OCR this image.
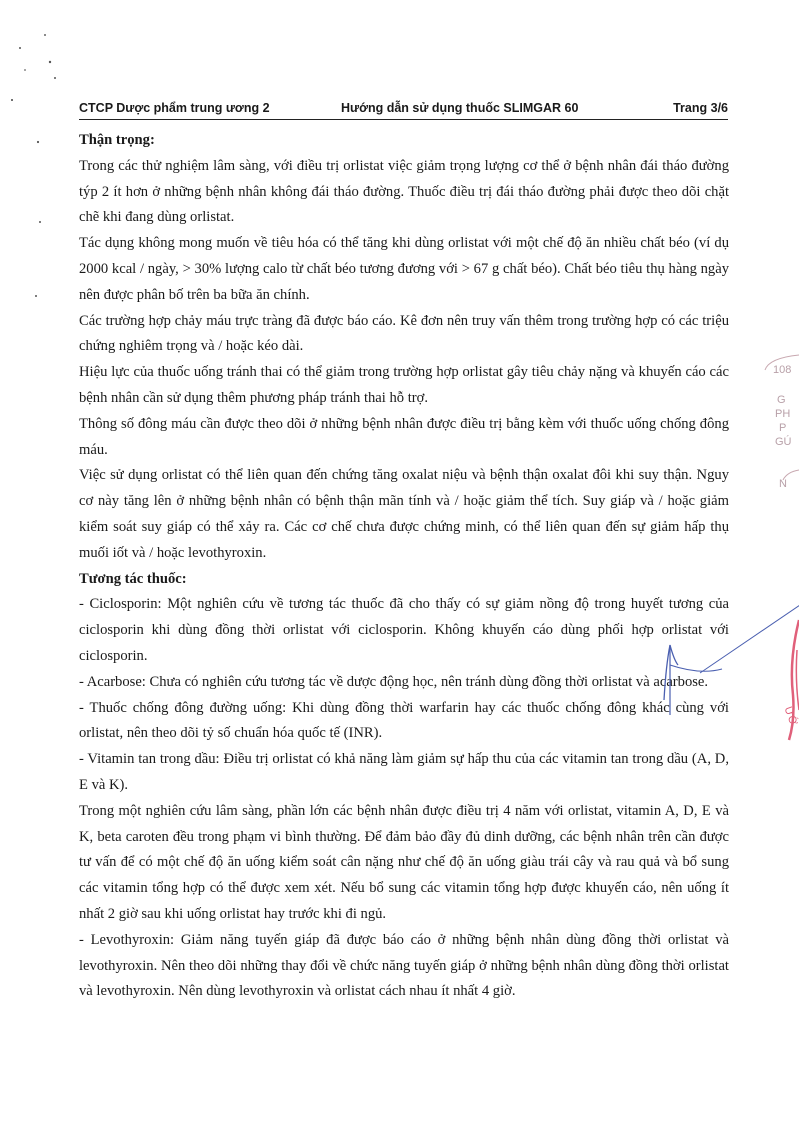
CTCP Dược phẩm trung ương 2	Hướng dẫn sử dụng thuốc SLIMGAR 60	Trang 3/6

Thận trọng:

Trong các thử nghiệm lâm sàng, với điều trị orlistat việc giảm trọng lượng cơ thể ở bệnh nhân đái tháo đường týp 2 ít hơn ở những bệnh nhân không đái tháo đường. Thuốc điều trị đái tháo đường phải được theo dõi chặt chẽ khi đang dùng orlistat.

Tác dụng không mong muốn về tiêu hóa có thể tăng khi dùng orlistat với một chế độ ăn nhiều chất béo (ví dụ 2000 kcal / ngày, > 30% lượng calo từ chất béo tương đương với > 67 g chất béo). Chất béo tiêu thụ hàng ngày nên được phân bố trên ba bữa ăn chính.

Các trường hợp chảy máu trực tràng đã được báo cáo. Kê đơn nên truy vấn thêm trong trường hợp có các triệu chứng nghiêm trọng và / hoặc kéo dài.

Hiệu lực của thuốc uống tránh thai có thể giảm trong trường hợp orlistat gây tiêu chảy nặng và khuyến cáo các bệnh nhân cần sử dụng thêm phương pháp tránh thai hỗ trợ.

Thông số đông máu cần được theo dõi ở những bệnh nhân được điều trị bằng kèm với thuốc uống chống đông máu.

Việc sử dụng orlistat có thể liên quan đến chứng tăng oxalat niệu và bệnh thận oxalat đôi khi suy thận. Nguy cơ này tăng lên ở những bệnh nhân có bệnh thận mãn tính và / hoặc giảm thể tích. Suy giáp và / hoặc giảm kiểm soát suy giáp có thể xảy ra. Các cơ chế chưa được chứng minh, có thể liên quan đến sự giảm hấp thụ muối iốt và / hoặc levothyroxin.

Tương tác thuốc:

- Ciclosporin: Một nghiên cứu về tương tác thuốc đã cho thấy có sự giảm nồng độ trong huyết tương của ciclosporin khi dùng đồng thời orlistat với ciclosporin. Không khuyến cáo dùng phối hợp orlistat với ciclosporin.

- Acarbose: Chưa có nghiên cứu tương tác về dược động học, nên tránh dùng đồng thời orlistat và acarbose.

- Thuốc chống đông đường uống: Khi dùng đồng thời warfarin hay các thuốc chống đông khác cùng với orlistat, nên theo dõi tỷ số chuẩn hóa quốc tế (INR).

- Vitamin tan trong dầu: Điều trị orlistat có khả năng làm giảm sự hấp thu của các vitamin tan trong dầu (A, D, E và K).

Trong một nghiên cứu lâm sàng, phần lớn các bệnh nhân được điều trị 4 năm với orlistat, vitamin A, D, E và K, beta caroten đều trong phạm vi bình thường. Để đảm bảo đầy đủ dinh dưỡng, các bệnh nhân trên cần được tư vấn để có một chế độ ăn uống kiểm soát cân nặng như chế độ ăn uống giàu trái cây và rau quả và bổ sung các vitamin tổng hợp có thể được xem xét. Nếu bổ sung các vitamin tổng hợp được khuyến cáo, nên uống ít nhất 2 giờ sau khi uống orlistat hay trước khi đi ngủ.

- Levothyroxin: Giảm năng tuyến giáp đã được báo cáo ở những bệnh nhân dùng đồng thời orlistat và levothyroxin. Nên theo dõi những thay đổi về chức năng tuyến giáp ở những bệnh nhân dùng đồng thời orlistat và levothyroxin. Nên dùng levothyroxin và orlistat cách nhau ít nhất 4 giờ.

108
G
PH
P
GÚ
N
ƯỚ
